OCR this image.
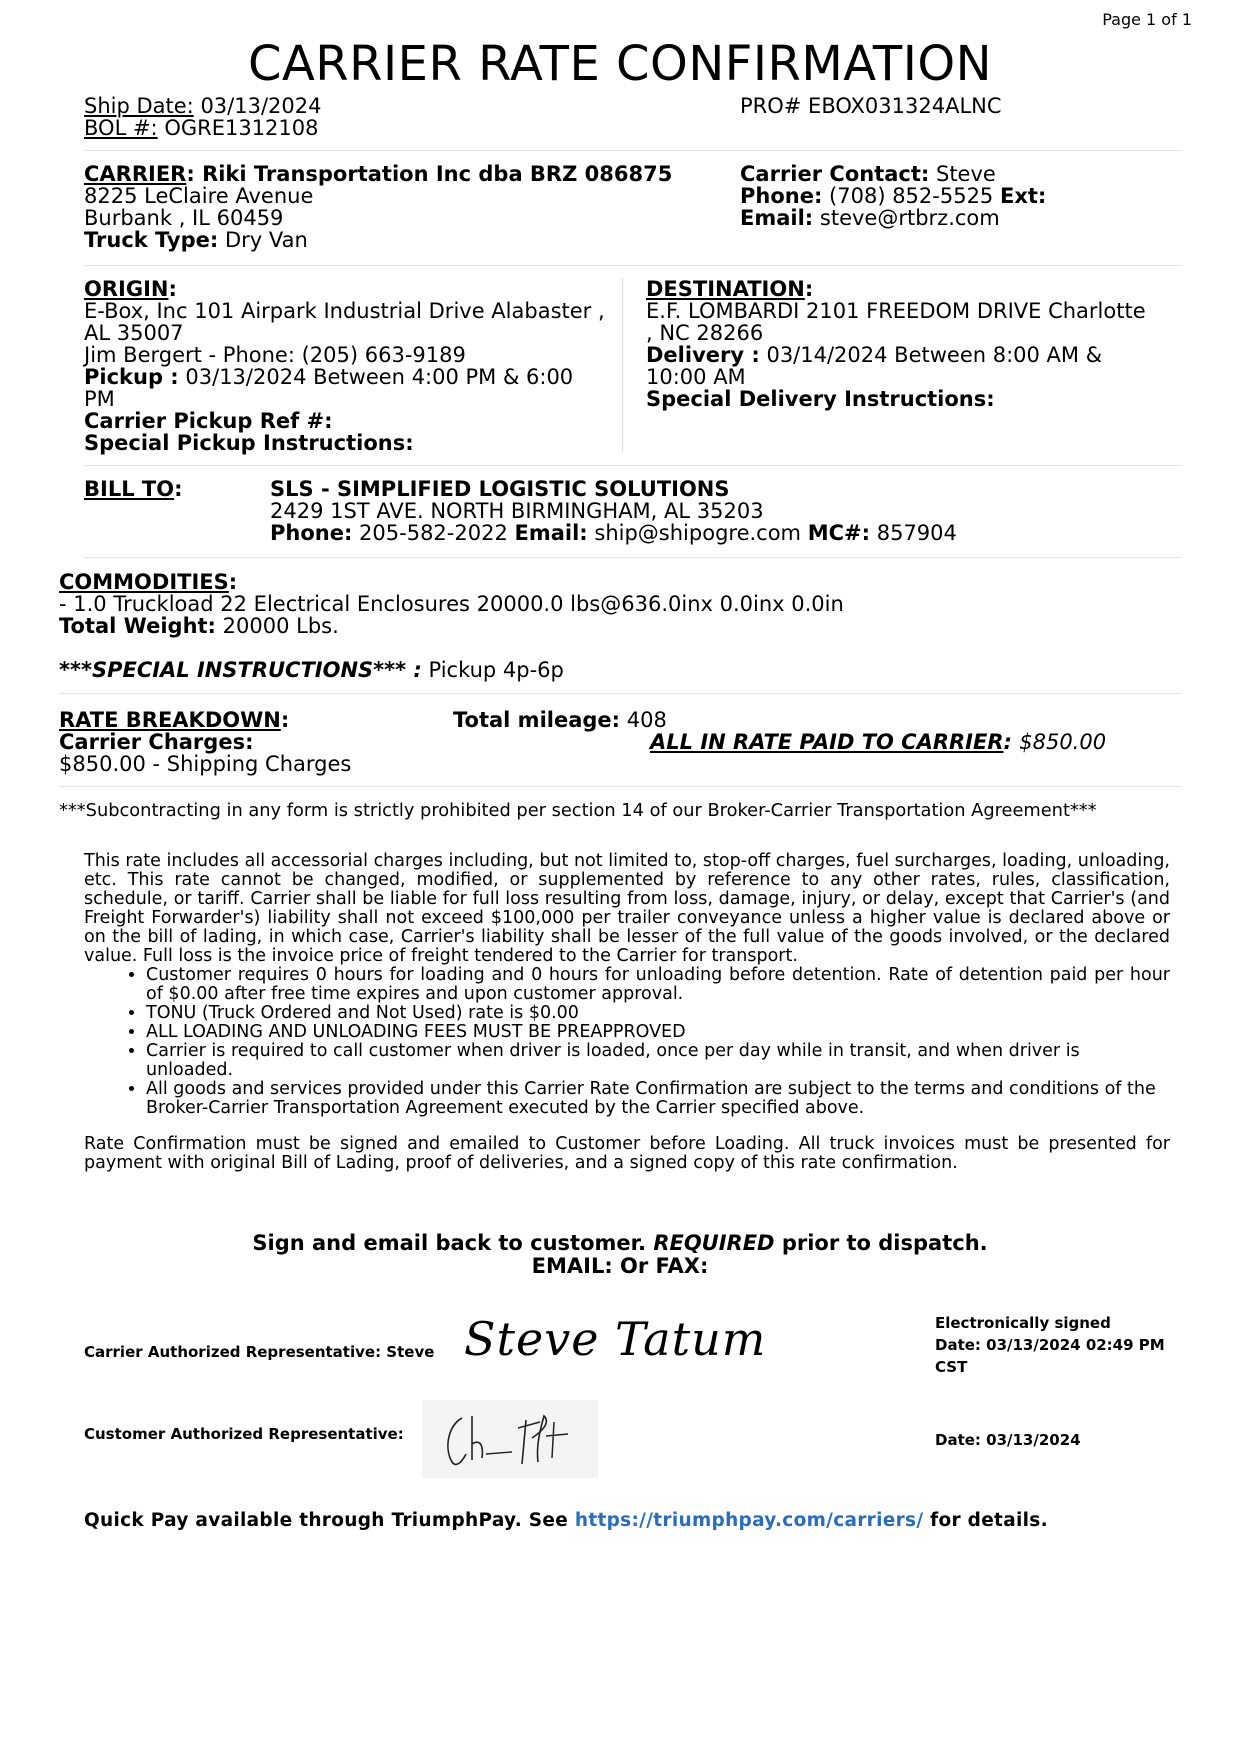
Page 1 of 1
CARRIER RATE CONFIRMATION
Ship Date: 03/13/2024
BOL #: OGRE1312108
PRO# EBOX031324ALNC
CARRIER: Riki Transportation Inc dba BRZ 086875
8225 LeClaire Avenue
Burbank , IL 60459
Truck Type: Dry Van
Carrier Contact: Steve
Phone: (708) 852-5525 Ext:
Email: steve@rtbrz.com
ORIGIN:
E-Box, Inc 101 Airpark Industrial Drive Alabaster ,
AL 35007
Jim Bergert - Phone: (205) 663-9189
Pickup : 03/13/2024 Between 4:00 PM & 6:00
PM
Carrier Pickup Ref #:
Special Pickup Instructions:
DESTINATION:
E.F. LOMBARDI 2101 FREEDOM DRIVE Charlotte
, NC 28266
Delivery : 03/14/2024 Between 8:00 AM &
10:00 AM
Special Delivery Instructions:
BILL TO:	SLS - SIMPLIFIED LOGISTIC SOLUTIONS
2429 1ST AVE. NORTH BIRMINGHAM, AL 35203
Phone: 205-582-2022 Email: ship@shipogre.com MC#: 857904
COMMODITIES:
- 1.0 Truckload 22 Electrical Enclosures 20000.0 lbs@636.0inx 0.0inx 0.0in
Total Weight: 20000 Lbs.
***SPECIAL INSTRUCTIONS*** : Pickup 4p-6p
RATE BREAKDOWN:
Carrier Charges:
$850.00 - Shipping Charges
Total mileage: 408
ALL IN RATE PAID TO CARRIER: $850.00
***Subcontracting in any form is strictly prohibited per section 14 of our Broker-Carrier Transportation Agreement***
This rate includes all accessorial charges including, but not limited to, stop-off charges, fuel surcharges, loading, unloading, etc. This rate cannot be changed, modified, or supplemented by reference to any other rates, rules, classification, schedule, or tariff. Carrier shall be liable for full loss resulting from loss, damage, injury, or delay, except that Carrier's (and Freight Forwarder's) liability shall not exceed $100,000 per trailer conveyance unless a higher value is declared above or on the bill of lading, in which case, Carrier's liability shall be lesser of the full value of the goods involved, or the declared value. Full loss is the invoice price of freight tendered to the Carrier for transport.
• Customer requires 0 hours for loading and 0 hours for unloading before detention. Rate of detention paid per hour of $0.00 after free time expires and upon customer approval.
• TONU (Truck Ordered and Not Used) rate is $0.00
• ALL LOADING AND UNLOADING FEES MUST BE PREAPPROVED
• Carrier is required to call customer when driver is loaded, once per day while in transit, and when driver is unloaded.
• All goods and services provided under this Carrier Rate Confirmation are subject to the terms and conditions of the Broker-Carrier Transportation Agreement executed by the Carrier specified above.
Rate Confirmation must be signed and emailed to Customer before Loading. All truck invoices must be presented for payment with original Bill of Lading, proof of deliveries, and a signed copy of this rate confirmation.
Sign and email back to customer. REQUIRED prior to dispatch.
EMAIL: Or FAX:
Carrier Authorized Representative: Steve Steve Tatum	Electronically signed
Date: 03/13/2024 02:49 PM
CST
Customer Authorized Representative:	Date: 03/13/2024
Quick Pay available through TriumphPay. See https://triumphpay.com/carriers/ for details.
